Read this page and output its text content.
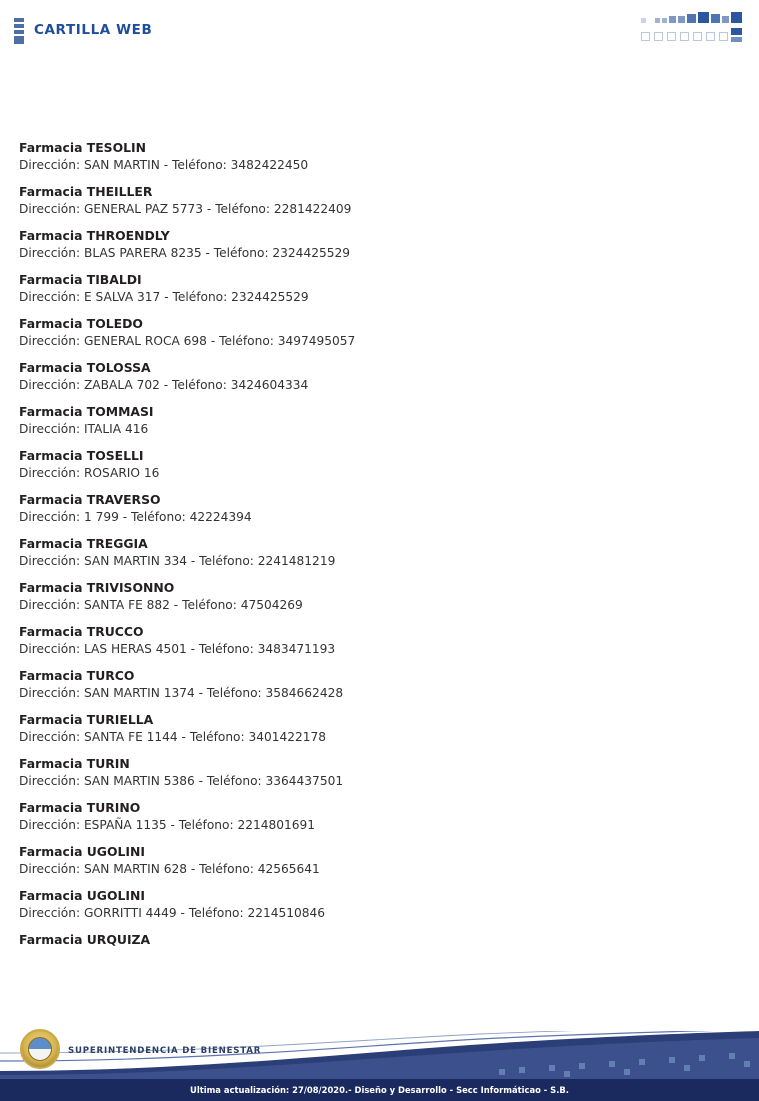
CARTILLA WEB
Farmacia TESOLIN
Dirección: SAN MARTIN - Teléfono: 3482422450
Farmacia THEILLER
Dirección: GENERAL PAZ 5773 - Teléfono: 2281422409
Farmacia THROENDLY
Dirección: BLAS PARERA 8235 - Teléfono: 2324425529
Farmacia TIBALDI
Dirección: E SALVA 317 - Teléfono: 2324425529
Farmacia TOLEDO
Dirección: GENERAL ROCA 698 - Teléfono: 3497495057
Farmacia TOLOSSA
Dirección: ZABALA 702 - Teléfono: 3424604334
Farmacia TOMMASI
Dirección: ITALIA 416
Farmacia TOSELLI
Dirección: ROSARIO 16
Farmacia TRAVERSO
Dirección: 1 799 - Teléfono: 42224394
Farmacia TREGGIA
Dirección: SAN MARTIN 334 - Teléfono: 2241481219
Farmacia TRIVISONNO
Dirección: SANTA FE 882 - Teléfono: 47504269
Farmacia TRUCCO
Dirección: LAS HERAS 4501 - Teléfono: 3483471193
Farmacia TURCO
Dirección: SAN MARTIN 1374 - Teléfono: 3584662428
Farmacia TURIELLA
Dirección: SANTA FE 1144 - Teléfono: 3401422178
Farmacia TURIN
Dirección: SAN MARTIN 5386 - Teléfono: 3364437501
Farmacia TURINO
Dirección: ESPAÑA 1135 - Teléfono: 2214801691
Farmacia UGOLINI
Dirección: SAN MARTIN 628 - Teléfono: 42565641
Farmacia UGOLINI
Dirección: GORRITTI 4449 - Teléfono: 2214510846
Farmacia URQUIZA
SUPERINTENDENCIA DE BIENESTAR
Ultima actualización: 27/08/2020.- Diseño y Desarrollo - Secc Informáticao - S.B.
